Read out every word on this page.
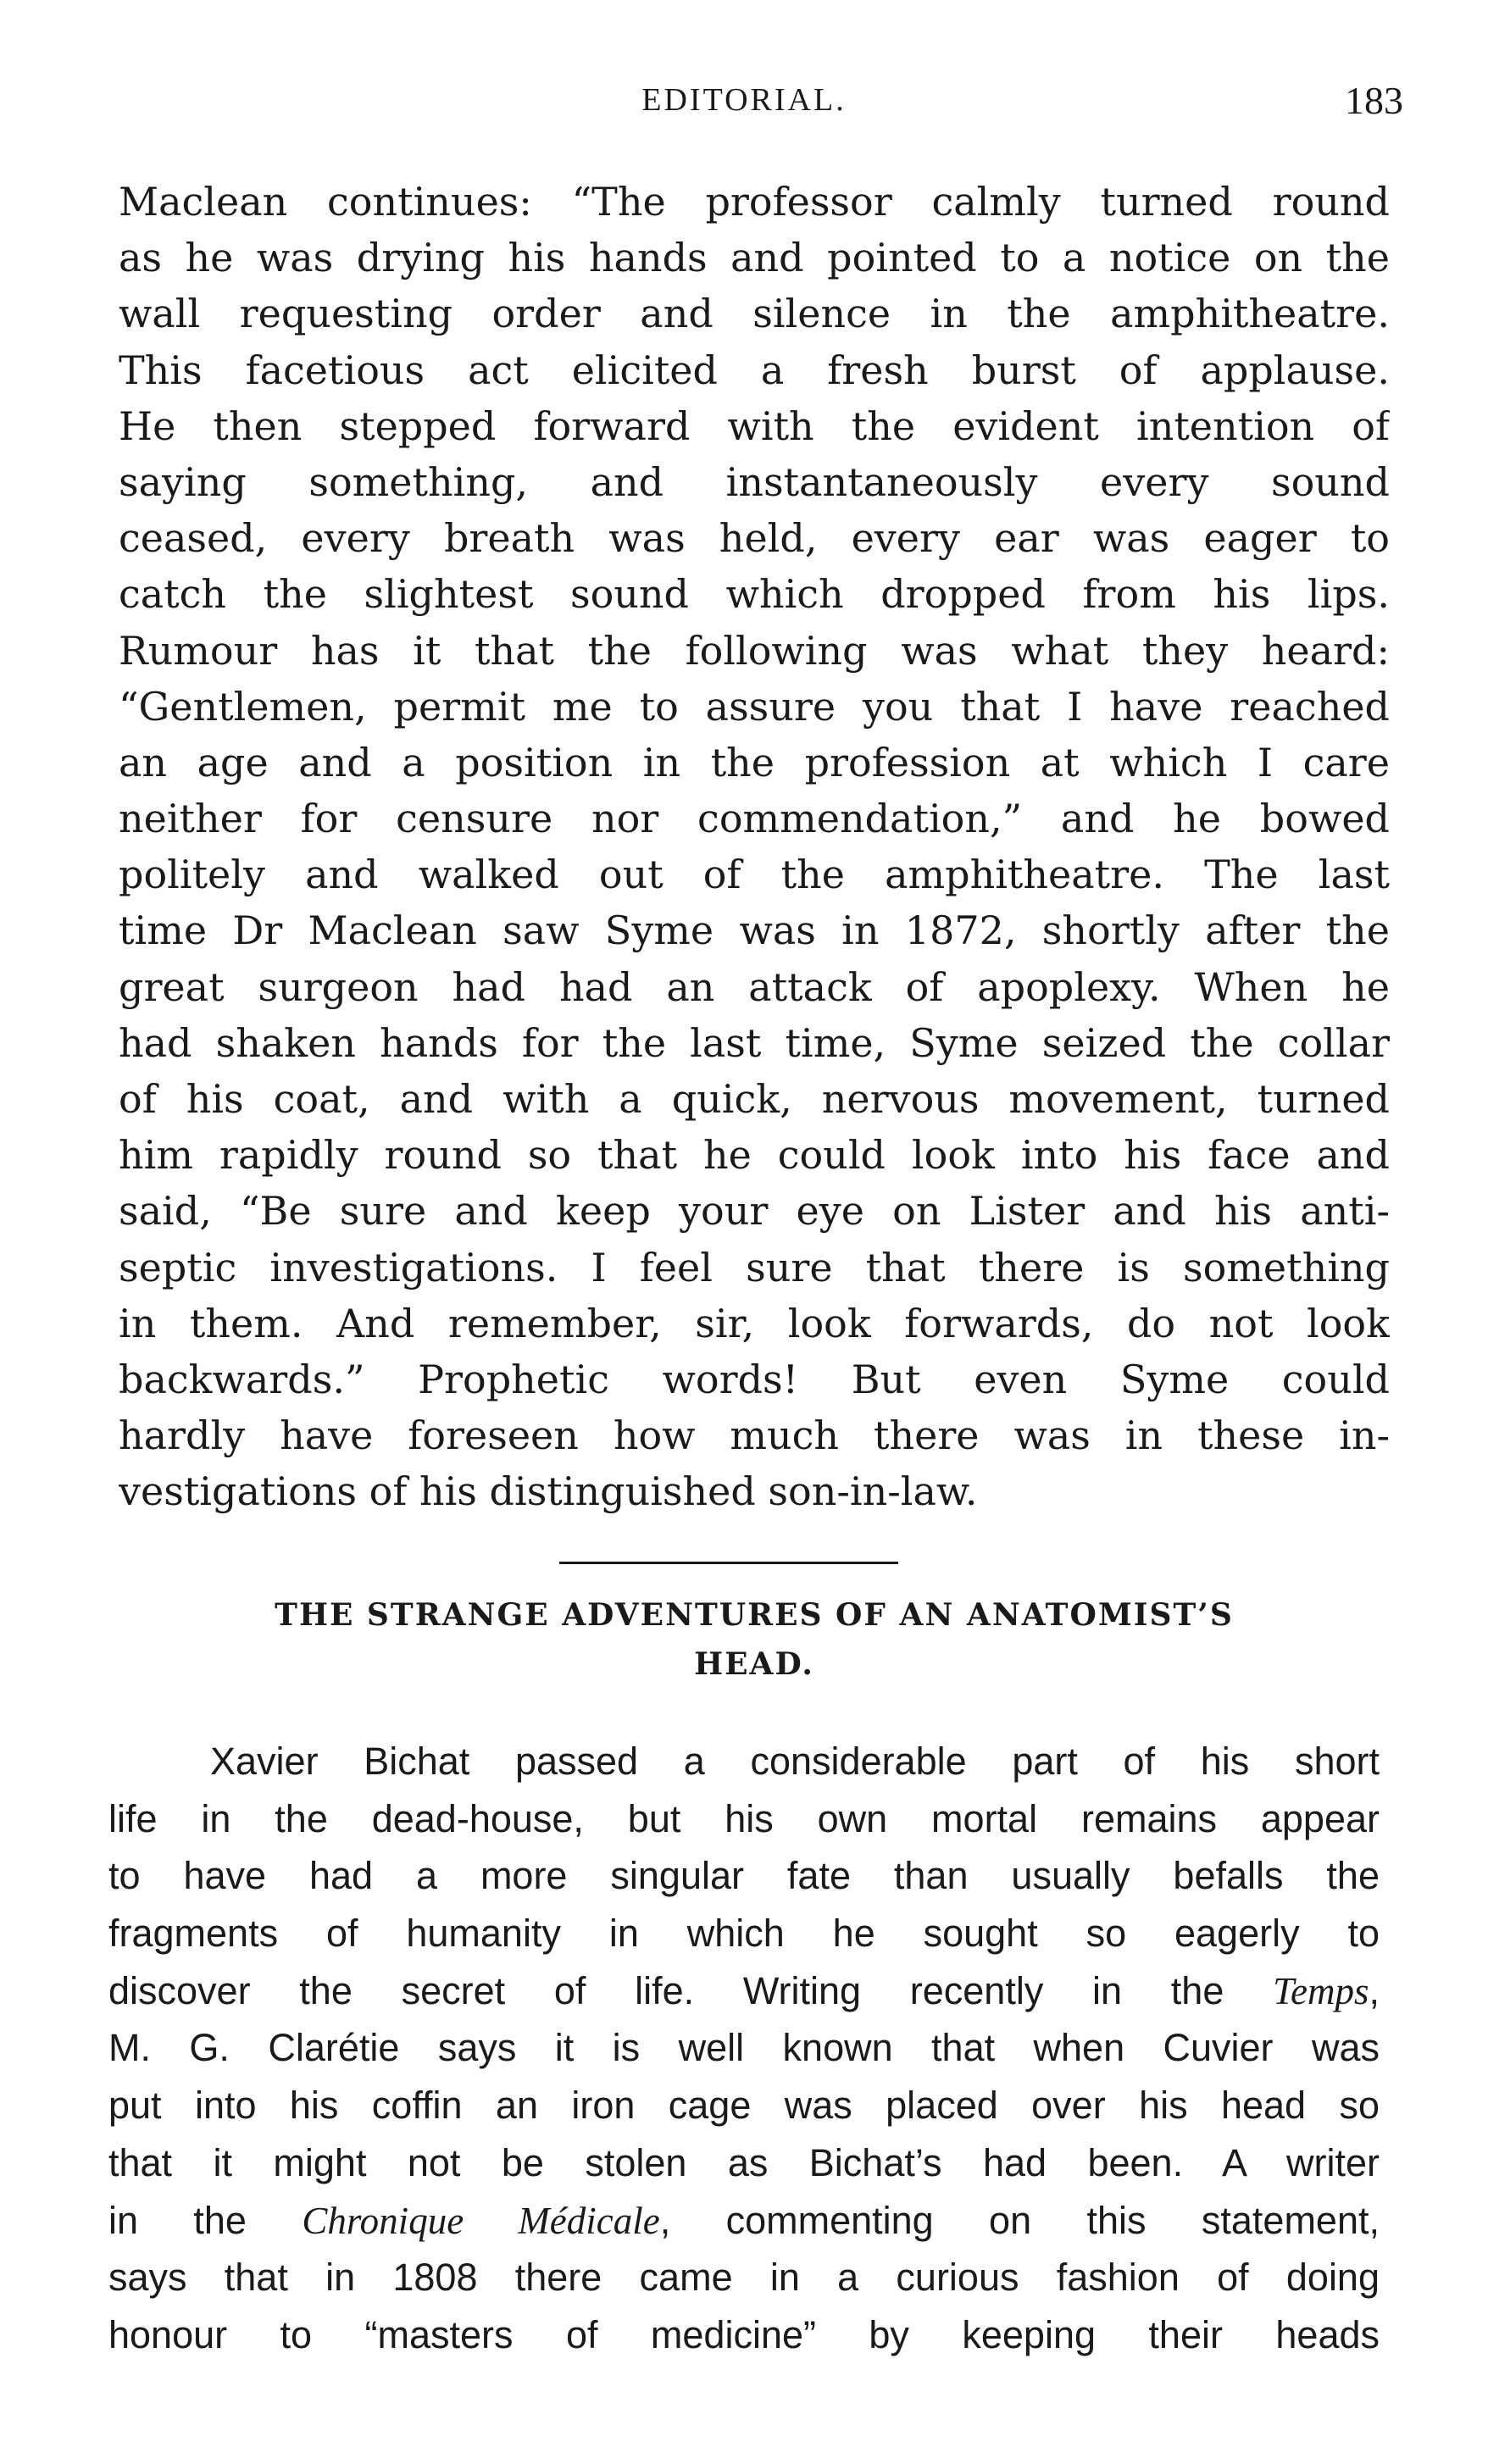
EDITORIAL.	183
Maclean continues: “The professor calmly turned round
as he was drying his hands and pointed to a notice on the
wall requesting order and silence in the amphitheatre.
This facetious act elicited a fresh burst of applause.
He then stepped forward with the evident intention of
saying something, and instantaneously every sound
ceased, every breath was held, every ear was eager to
catch the slightest sound which dropped from his lips.
Rumour has it that the following was what they heard:
“Gentlemen, permit me to assure you that I have reached
an age and a position in the profession at which I care
neither for censure nor commendation,” and he bowed
politely and walked out of the amphitheatre. The last
time Dr Maclean saw Syme was in 1872, shortly after the
great surgeon had had an attack of apoplexy. When he
had shaken hands for the last time, Syme seized the collar
of his coat, and with a quick, nervous movement, turned
him rapidly round so that he could look into his face and
said, “Be sure and keep your eye on Lister and his anti-
septic investigations. I feel sure that there is something
in them. And remember, sir, look forwards, do not look
backwards.” Prophetic words! But even Syme could
hardly have foreseen how much there was in these in-
vestigations of his distinguished son-in-law.
THE STRANGE ADVENTURES OF AN ANATOMIST’S
HEAD.
Xavier Bichat passed a considerable part of his short
life in the dead-house, but his own mortal remains appear
to have had a more singular fate than usually befalls the
fragments of humanity in which he sought so eagerly to
discover the secret of life. Writing recently in the Temps,
M. G. Clarétie says it is well known that when Cuvier was
put into his coffin an iron cage was placed over his head so
that it might not be stolen as Bichat’s had been. A writer
in the Chronique Médicale, commenting on this statement,
says that in 1808 there came in a curious fashion of doing
honour to “masters of medicine” by keeping their heads
